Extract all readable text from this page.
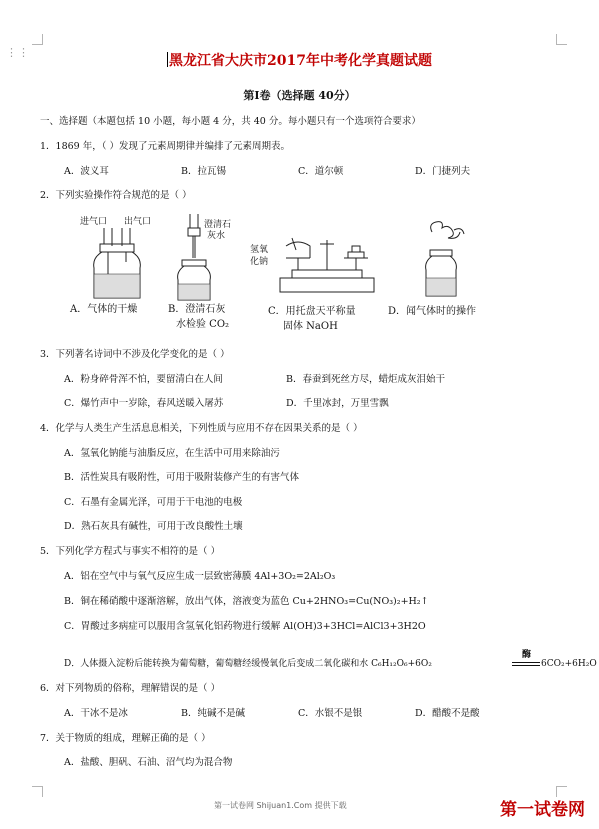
⋮⋮
黑龙江省大庆市2017年中考化学真题试题
第Ⅰ卷（选择题 40分）
一、选择题（本题包括 10 小题，每小题 4 分，共 40 分。每小题只有一个选项符合要求）
1．1869 年，（ ）发现了元素周期律并编排了元素周期表。
A．波义耳	B．拉瓦锡	C．道尔顿	D．门捷列夫
2．下列实验操作符合规范的是（ ）
进气口 出气口
A．气体的干燥
澄清石
灰水
B．澄清石灰
水检验 CO₂
氢氧
化钠
C．用托盘天平称量
固体 NaOH
D．闻气体时的操作
3．下列著名诗词中不涉及化学变化的是（ ）
A．粉身碎骨浑不怕，要留清白在人间	B．春蚕到死丝方尽，蜡炬成灰泪始干
C．爆竹声中一岁除，春风送暖入屠苏	D．千里冰封，万里雪飘
4．化学与人类生产生活息息相关，下列性质与应用不存在因果关系的是（ ）
A．氢氧化钠能与油脂反应，在生活中可用来除油污
B．活性炭具有吸附性，可用于吸附装修产生的有害气体
C．石墨有金属光泽，可用于干电池的电极
D．熟石灰具有碱性，可用于改良酸性土壤
5．下列化学方程式与事实不相符的是（ ）
A．铝在空气中与氧气反应生成一层致密薄膜 4Al+3O₂=2Al₂O₃
B．铜在稀硝酸中逐渐溶解，放出气体，溶液变为蓝色 Cu+2HNO₃=Cu(NO₃)₂+H₂↑
C．胃酸过多病症可以服用含氢氧化铝药物进行缓解 Al(OH)3+3HCl=AlCl3+3H2O
酶
D．人体摄入淀粉后能转换为葡萄糖，葡萄糖经缓慢氧化后变成二氧化碳和水 C₆H₁₂O₆+6O₂	6CO₂+6H₂O
6．对下列物质的俗称，理解错误的是（ ）
A．干冰不是冰	B．纯碱不是碱	C．水银不是银	D．醋酸不是酸
7．关于物质的组成，理解正确的是（ ）
A．盐酸、胆矾、石油、沼气均为混合物
第一试卷网 Shijuan1.Com 提供下载	第一试卷网
